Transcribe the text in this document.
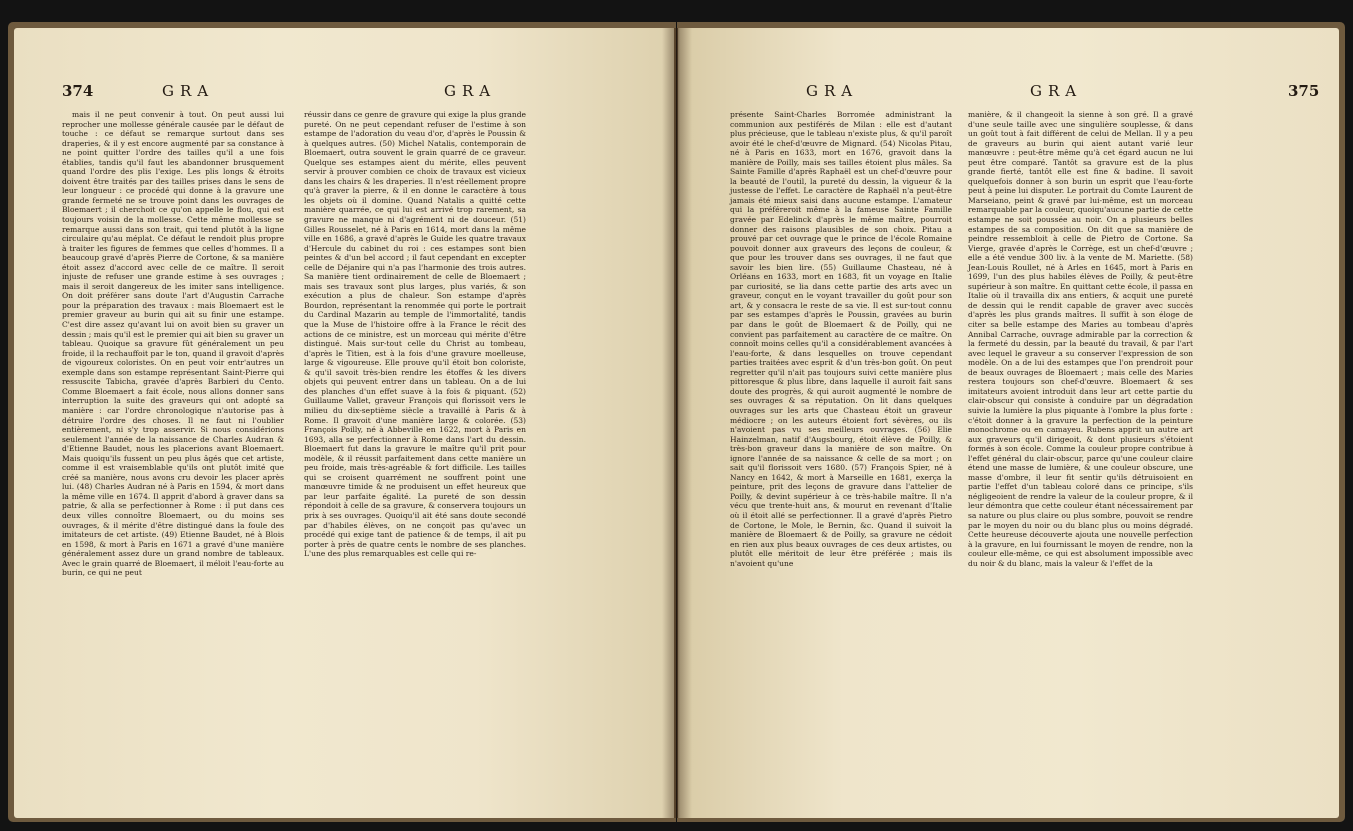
374	GRA	GRA

mais il ne peut convenir à tout. On peut aussi lui reprocher une mollesse générale causée par le défaut de touche : ce défaut se remarque surtout dans ses draperies, & il y est encore augmenté par sa constance à ne point quitter l'ordre des tailles qu'il a une fois établies, tandis qu'il faut les abandonner brusquement quand l'ordre des plis l'exige. Les plis longs & étroits doivent être traités par des tailles prises dans le sens de leur longueur : ce procédé qui donne à la gravure une grande fermeté ne se trouve point dans les ouvrages de Bloemaert ; il cherchoit ce qu'on appelle le flou, qui est toujours voisin de la mollesse. Cette même mollesse se remarque aussi dans son trait, qui tend plutôt à la ligne circulaire qu'au méplat. Ce défaut le rendoit plus propre à traiter les figures de femmes que celles d'hommes. Il a beaucoup gravé d'après Pierre de Cortone, & sa manière étoit assez d'accord avec celle de ce maître. Il seroit injuste de refuser une grande estime à ses ouvrages ; mais il seroit dangereux de les imiter sans intelligence. On doit préférer sans doute l'art d'Augustin Carrache pour la préparation des travaux : mais Bloemaert est le premier graveur au burin qui ait su finir une estampe. C'est dire assez qu'avant lui on avoit bien su graver un dessin ; mais qu'il est le premier qui ait bien su graver un tableau. Quoique sa gravure fût généralement un peu froide, il la rechauffoit par le ton, quand il gravoit d'après de vigoureux coloristes. On en peut voir entr'autres un exemple dans son estampe représentant Saint-Pierre qui ressuscite Tabicha, gravée d'après Barbieri du Cento. Comme Bloemaert a fait école, nous allons donner sans interruption la suite des graveurs qui ont adopté sa manière : car l'ordre chronologique n'autorise pas à détruire l'ordre des choses. Il ne faut ni l'oublier entièrement, ni s'y trop asservir. Si nous considérions seulement l'année de la naissance de Charles Audran & d'Etienne Baudet, nous les placerions avant Bloemaert. Mais quoiqu'ils fussent un peu plus âgés que cet artiste, comme il est vraisemblable qu'ils ont plutôt imité que créé sa manière, nous avons cru devoir les placer après lui. (48) Charles Audran né à Paris en 1594, & mort dans la même ville en 1674. Il apprit d'abord à graver dans sa patrie, & alla se perfectionner à Rome : il put dans ces deux villes connoître Bloemaert, ou du moins ses ouvrages, & il mérite d'être distingué dans la foule des imitateurs de cet artiste. (49) Etienne Baudet, né à Blois en 1598, & mort à Paris en 1671 a gravé d'une manière généralement assez dure un grand nombre de tableaux. Avec le grain quarré de Bloemaert, il méloit l'eau-forte au burin, ce qui ne peut

réussir dans ce genre de gravure qui exige la plus grande pureté. On ne peut cependant refuser de l'estime à son estampe de l'adoration du veau d'or, d'après le Poussin & à quelques autres. (50) Michel Natalis, contemporain de Bloemaert, outra souvent le grain quarré de ce graveur. Quelque ses estampes aient du mérite, elles peuvent servir à prouver combien ce choix de travaux est vicieux dans les chairs & les draperies. Il n'est réellement propre qu'à graver la pierre, & il en donne le caractère à tous les objets où il domine. Quand Natalis a quitté cette manière quarrée, ce qui lui est arrivé trop rarement, sa gravure ne manque ni d'agrément ni de douceur. (51) Gilles Rousselet, né à Paris en 1614, mort dans la même ville en 1686, a gravé d'après le Guide les quatre travaux d'Hercule du cabinet du roi : ces estampes sont bien peintes & d'un bel accord ; il faut cependant en excepter celle de Déjanire qui n'a pas l'harmonie des trois autres. Sa manière tient ordinairement de celle de Bloemaert ; mais ses travaux sont plus larges, plus variés, & son exécution a plus de chaleur. Son estampe d'après Bourdon, représentant la renommée qui porte le portrait du Cardinal Mazarin au temple de l'immortalité, tandis que la Muse de l'histoire offre à la France le récit des actions de ce ministre, est un morceau qui mérite d'être distingué. Mais sur-tout celle du Christ au tombeau, d'après le Titien, est à la fois d'une gravure moelleuse, large & vigoureuse. Elle prouve qu'il étoit bon coloriste, & qu'il savoit très-bien rendre les étoffes & les divers objets qui peuvent entrer dans un tableau. On a de lui des planches d'un effet suave à la fois & piquant. (52) Guillaume Vallet, graveur François qui florissoit vers le milieu du dix-septième siècle a travaillé à Paris & à Rome. Il gravoit d'une manière large & colorée. (53) François Poilly, né à Abbeville en 1622, mort à Paris en 1693, alla se perfectionner à Rome dans l'art du dessin. Bloemaert fut dans la gravure le maître qu'il prit pour modèle, & il réussit parfaitement dans cette manière un peu froide, mais très-agréable & fort difficile. Les tailles qui se croisent quarrément ne souffrent point une manœuvre timide & ne produisent un effet heureux que par leur parfaite égalité. La pureté de son dessin répondoit à celle de sa gravure, & conservera toujours un prix à ses ouvrages. Quoiqu'il ait été sans doute secondé par d'habiles élèves, on ne conçoit pas qu'avec un procédé qui exige tant de patience & de temps, il ait pu porter à près de quatre cents le nombre de ses planches. L'une des plus remarquables est celle qui re-

GRA	GRA	375

présente Saint-Charles Borromée administrant la communion aux pestiférés de Milan : elle est d'autant plus précieuse, que le tableau n'existe plus, & qu'il paroît avoir été le chef-d'œuvre de Mignard. (54) Nicolas Pitau, né à Paris en 1633, mort en 1676, gravoit dans la manière de Poilly, mais ses tailles étoient plus mâles. Sa Sainte Famille d'après Raphaël est un chef-d'œuvre pour la beauté de l'outil, la pureté du dessin, la vigueur & la justesse de l'effet. Le caractère de Raphaël n'a peut-être jamais été mieux saisi dans aucune estampe. L'amateur qui la préféreroit même à la fameuse Sainte Famille gravée par Edelinck d'après le même maître, pourroit donner des raisons plausibles de son choix. Pitau a prouvé par cet ouvrage que le prince de l'école Romaine pouvoit donner aux graveurs des leçons de couleur, & que pour les trouver dans ses ouvrages, il ne faut que savoir les bien lire. (55) Guillaume Chasteau, né à Orléans en 1633, mort en 1683, fit un voyage en Italie par curiosité, se lia dans cette partie des arts avec un graveur, conçut en le voyant travailler du goût pour son art, & y consacra le reste de sa vie. Il est sur-tout connu par ses estampes d'après le Poussin, gravées au burin par dans le goût de Bloemaert & de Poilly, qui ne convient pas parfaitement au caractère de ce maître. On connoît moins celles qu'il a considérablement avancées à l'eau-forte, & dans lesquelles on trouve cependant parties traitées avec esprit & d'un très-bon goût. On peut regretter qu'il n'ait pas toujours suivi cette manière plus pittoresque & plus libre, dans laquelle il auroit fait sans doute des progrès, & qui auroit augmenté le nombre de ses ouvrages & sa réputation. On lit dans quelques ouvrages sur les arts que Chasteau étoit un graveur médiocre ; on les auteurs étoient fort sévères, ou ils n'avoient pas vu ses meilleurs ouvrages. (56) Elie Hainzelman, natif d'Augsbourg, étoit élève de Poilly, & très-bon graveur dans la manière de son maître. On ignore l'année de sa naissance & celle de sa mort ; on sait qu'il florissoit vers 1680. (57) François Spier, né à Nancy en 1642, & mort à Marseille en 1681, exerça la peinture, prit des leçons de gravure dans l'attelier de Poilly, & devint supérieur à ce très-habile maître. Il n'a vécu que trente-huit ans, & mourut en revenant d'Italie où il étoit allé se perfectionner. Il a gravé d'après Pietro de Cortone, le Mole, le Bernin, &c. Quand il suivoit la manière de Bloemaert & de Poilly, sa gravure ne cédoit en rien aux plus beaux ouvrages de ces deux artistes, ou plutôt elle méritoit de leur être préférée ; mais ils n'avoient qu'une

manière, & il changeoit la sienne à son gré. Il a gravé d'une seule taille avec une singulière souplesse, & dans un goût tout à fait différent de celui de Mellan. Il y a peu de graveurs au burin qui aient autant varié leur manœuvre : peut-être même qu'à cet égard aucun ne lui peut être comparé. Tantôt sa gravure est de la plus grande fierté, tantôt elle est fine & badine. Il savoit quelquefois donner à son burin un esprit que l'eau-forte peut à peine lui disputer. Le portrait du Comte Laurent de Marseiano, peint & gravé par lui-même, est un morceau remarquable par la couleur, quoiqu'aucune partie de cette estampe ne soit poussée au noir. On a plusieurs belles estampes de sa composition. On dit que sa manière de peindre ressembloit à celle de Pietro de Cortone. Sa Vierge, gravée d'après le Corrège, est un chef-d'œuvre ; elle a été vendue 300 liv. à la vente de M. Mariette. (58) Jean-Louis Roullet, né à Arles en 1645, mort à Paris en 1699, l'un des plus habiles élèves de Poilly, & peut-être supérieur à son maître. En quittant cette école, il passa en Italie où il travailla dix ans entiers, & acquit une pureté de dessin qui le rendit capable de graver avec succès d'après les plus grands maîtres. Il suffit à son éloge de citer sa belle estampe des Maries au tombeau d'après Annibal Carrache, ouvrage admirable par la correction & la fermeté du dessin, par la beauté du travail, & par l'art avec lequel le graveur a su conserver l'expression de son modèle. On a de lui des estampes que l'on prendroit pour de beaux ouvrages de Bloemaert ; mais celle des Maries restera toujours son chef-d'œuvre. Bloemaert & ses imitateurs avoient introduit dans leur art cette partie du clair-obscur qui consiste à conduire par un dégradation suivie la lumière la plus piquante à l'ombre la plus forte : c'étoit donner à la gravure la perfection de la peinture monochrome ou en camayeu. Rubens apprit un autre art aux graveurs qu'il dirigeoit, & dont plusieurs s'étoient formés à son école. Comme la couleur propre contribue à l'effet général du clair-obscur, parce qu'une couleur claire étend une masse de lumière, & une couleur obscure, une masse d'ombre, il leur fit sentir qu'ils détruisoient en partie l'effet d'un tableau coloré dans ce principe, s'ils négligeoient de rendre la valeur de la couleur propre, & il leur démontra que cette couleur étant nécessairement par sa nature ou plus claire ou plus sombre, pouvoit se rendre par le moyen du noir ou du blanc plus ou moins dégradé. Cette heureuse découverte ajouta une nouvelle perfection à la gravure, en lui fournissant le moyen de rendre, non la couleur elle-même, ce qui est absolument impossible avec du noir & du blanc, mais la valeur & l'effet de la
